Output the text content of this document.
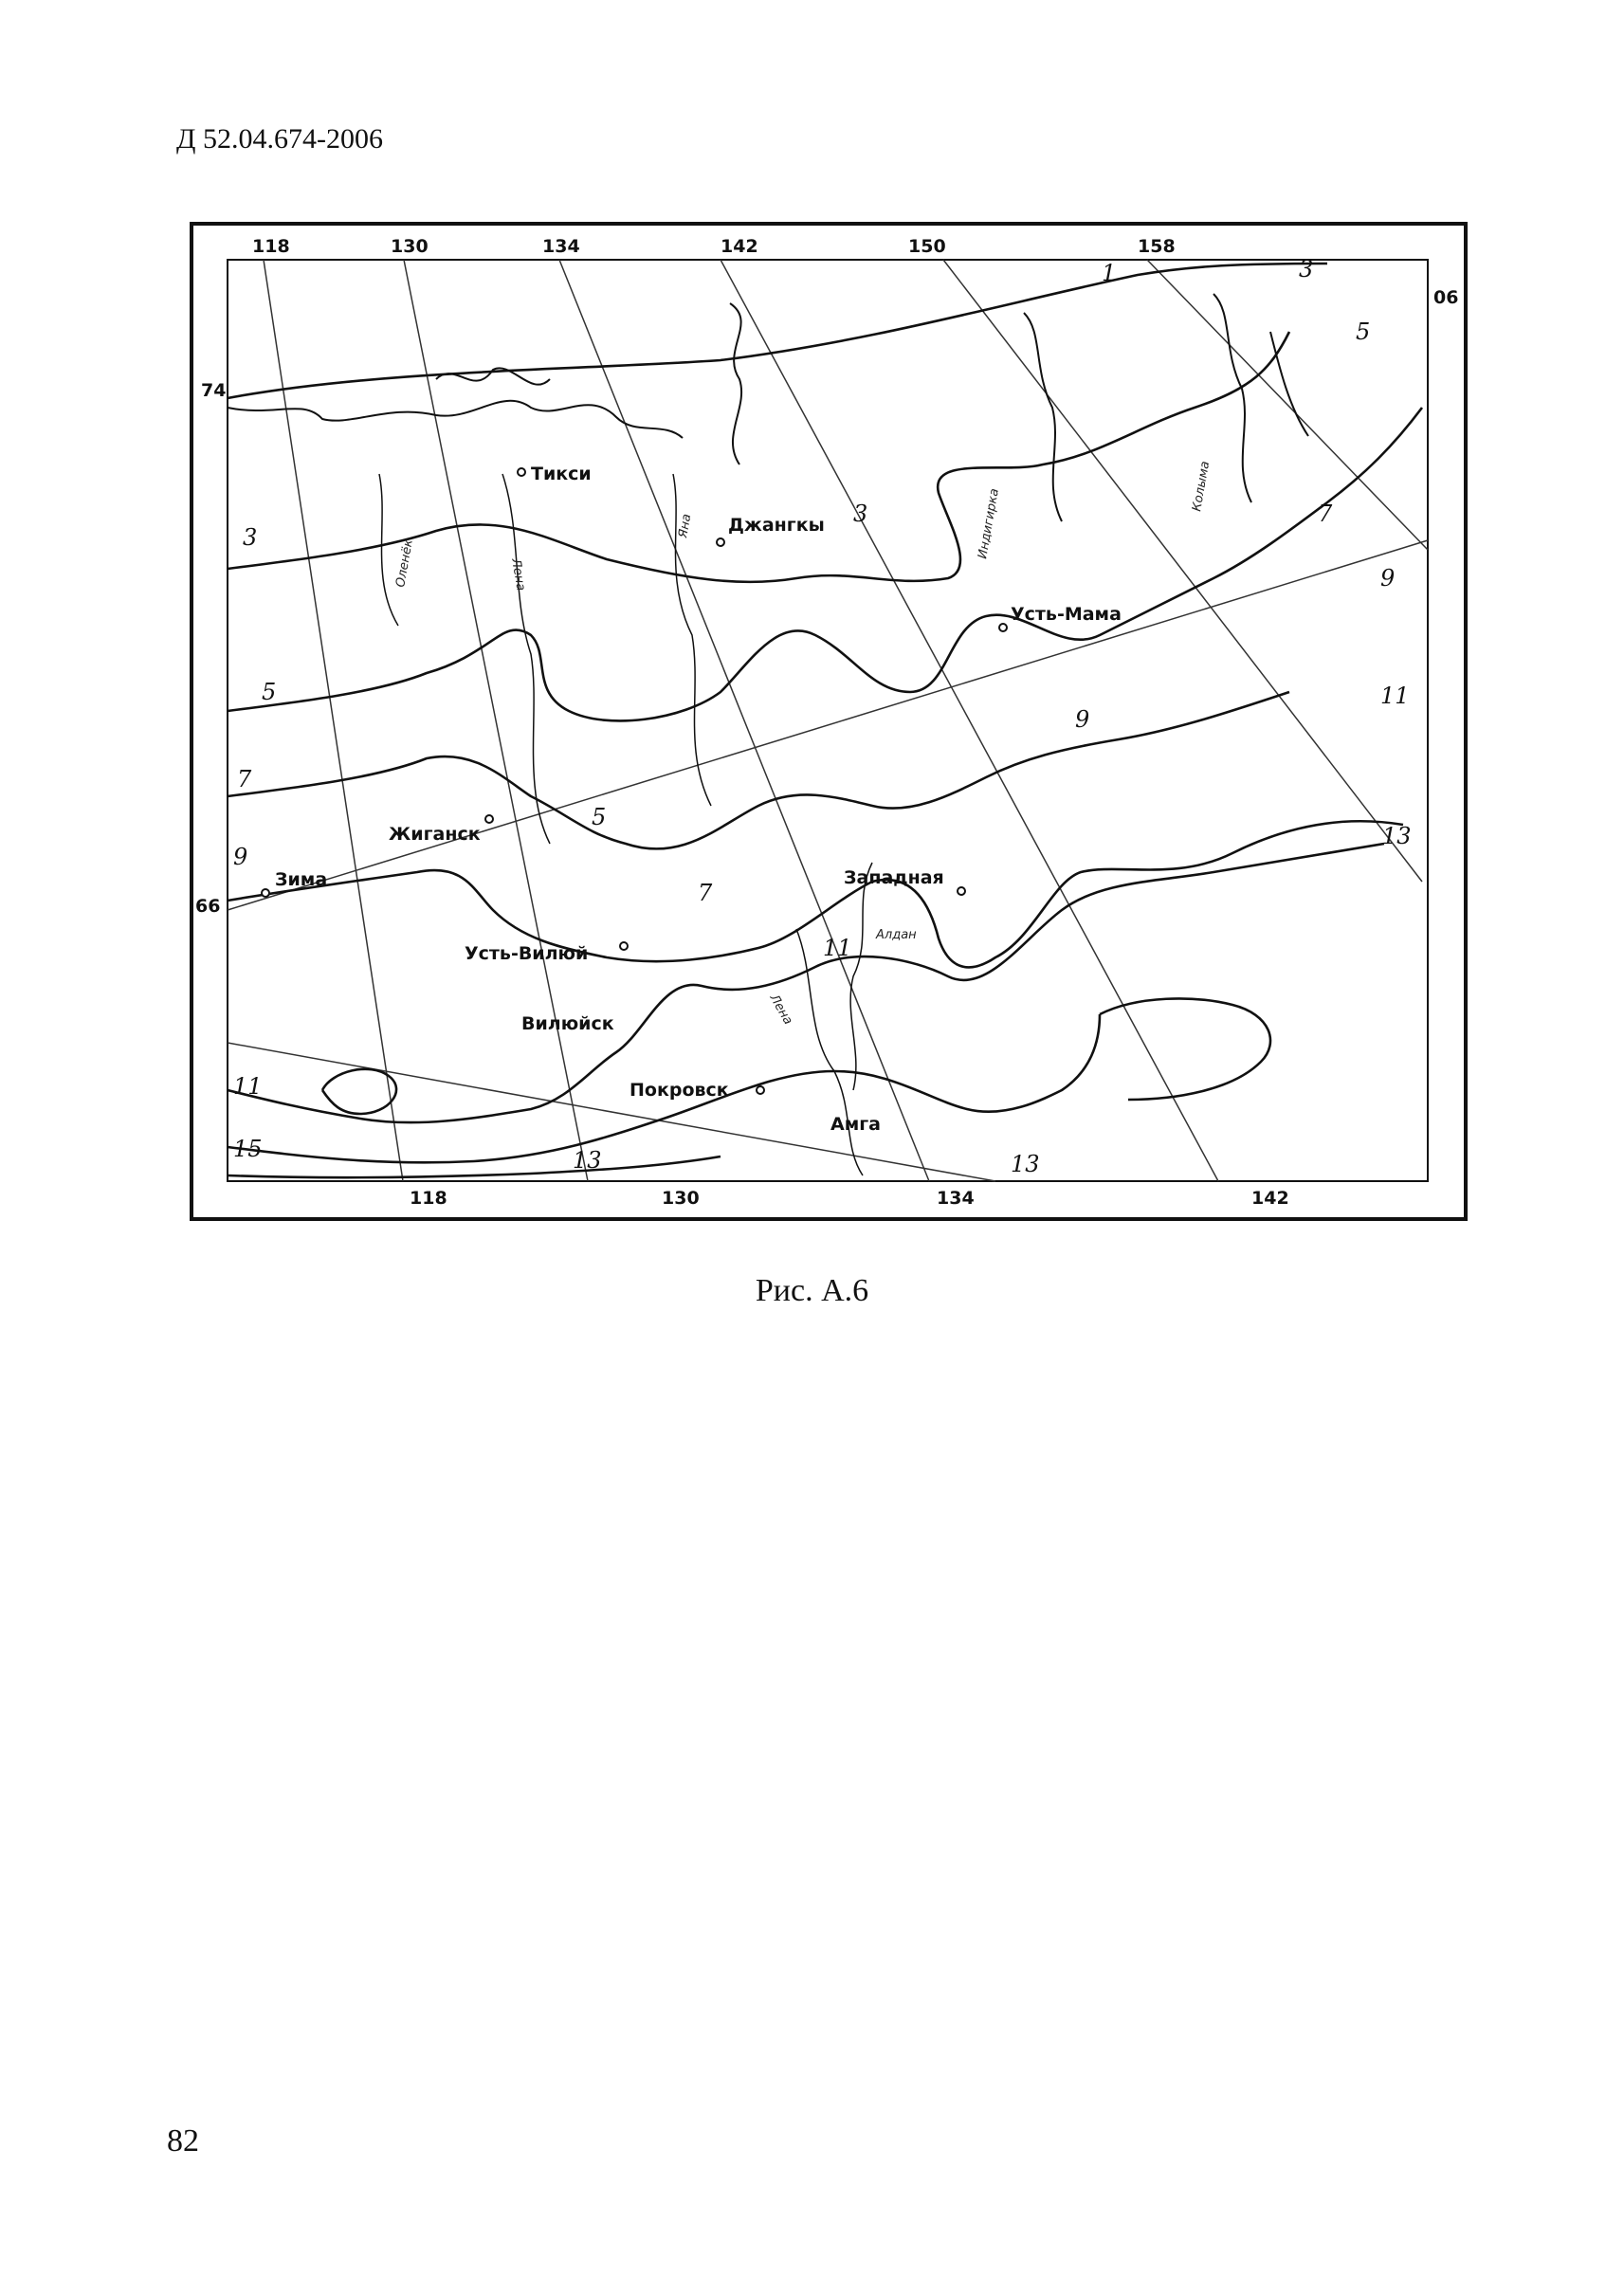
Д 52.04.674-2006
118	130	134	142	150	158
118	130	134	142
74
06
66
1	3
3
3
5
5
5
7
7
7
9
9
9
11
11
11
13
13	13
15
Тикси
Джангкы
Усть-Мама
Жиганск
Зима	Западная
Усть-Вилюй
Амга
Вилюйск
Покровск
Оленёк	Лена
Яна	Индигирка
Колыма
Алдан
Лена
Рис. А.6
82
